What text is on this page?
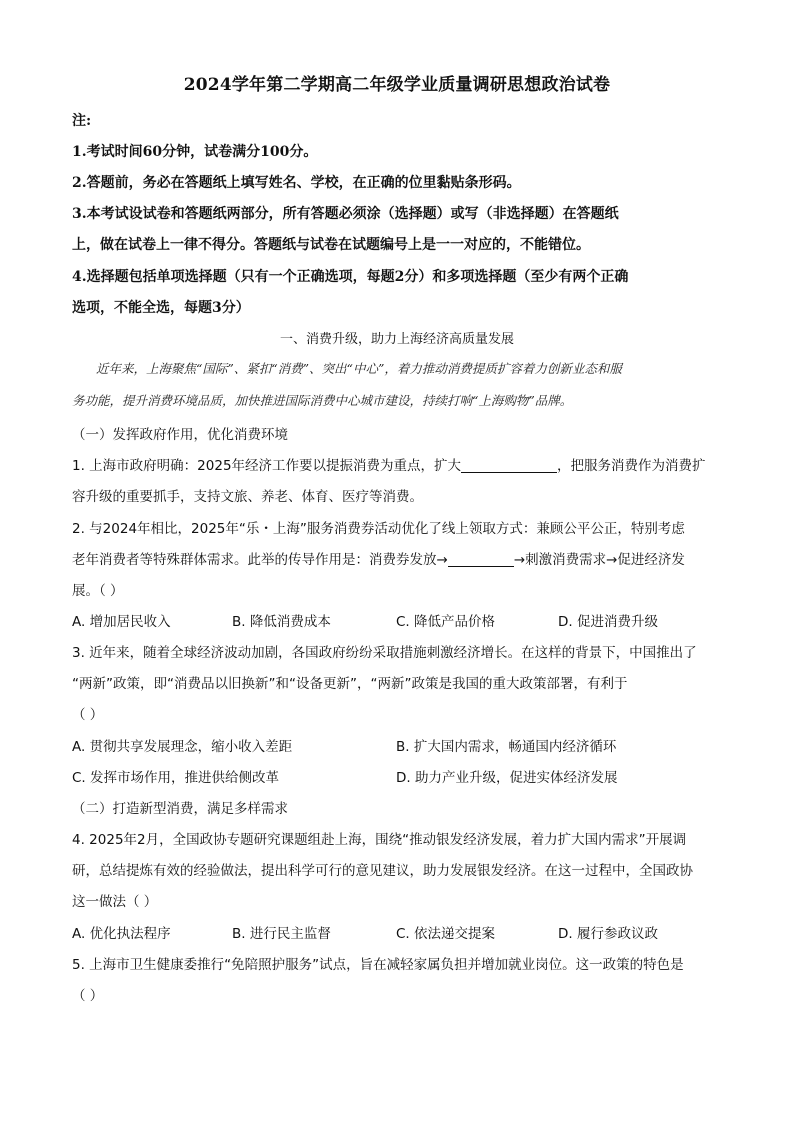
2024学年第二学期高二年级学业质量调研思想政治试卷
注:
1.考试时间60分钟，试卷满分100分。
2.答题前，务必在答题纸上填写姓名、学校，在正确的位里黏贴条形码。
3.本考试设试卷和答题纸两部分，所有答题必须涂（选择题）或写（非选择题）在答题纸
上，做在试卷上一律不得分。答题纸与试卷在试题编号上是一一对应的，不能错位。
4.选择题包括单项选择题（只有一个正确选项，每题2分）和多项选择题（至少有两个正确
选项，不能全选，每题3分）
一、消费升级，助力上海经济高质量发展
近年来，上海聚焦“国际”、紧扣“消费”、突出“中心”，着力推动消费提质扩容着力创新业态和服
务功能，提升消费环境品质，加快推进国际消费中心城市建设，持续打响“上海购物”品牌。
（一）发挥政府作用，优化消费环境
1. 上海市政府明确：2025年经济工作要以提振消费为重点，扩大	，把服务消费作为消费扩
容升级的重要抓手，支持文旅、养老、体育、医疗等消费。
2. 与2024年相比，2025年“乐・上海”服务消费券活动优化了线上领取方式：兼顾公平公正，特别考虑
老年消费者等特殊群体需求。此举的传导作用是：消费券发放→	→刺激消费需求→促进经济发
展。（ ）
A. 增加居民收入	B. 降低消费成本	C. 降低产品价格	D. 促进消费升级
3. 近年来，随着全球经济波动加剧，各国政府纷纷采取措施刺激经济增长。在这样的背景下，中国推出了
“两新”政策，即“消费品以旧换新”和“设备更新”，“两新”政策是我国的重大政策部署，有利于
（ ）
A. 贯彻共享发展理念，缩小收入差距	B. 扩大国内需求，畅通国内经济循环
C. 发挥市场作用，推进供给侧改革	D. 助力产业升级，促进实体经济发展
（二）打造新型消费，满足多样需求
4. 2025年2月，全国政协专题研究课题组赴上海，围绕“推动银发经济发展，着力扩大国内需求”开展调
研，总结提炼有效的经验做法，提出科学可行的意见建议，助力发展银发经济。在这一过程中，全国政协
这一做法（ ）
A. 优化执法程序	B. 进行民主监督	C. 依法递交提案	D. 履行参政议政
5. 上海市卫生健康委推行“免陪照护服务”试点，旨在减轻家属负担并增加就业岗位。这一政策的特色是
（ ）
